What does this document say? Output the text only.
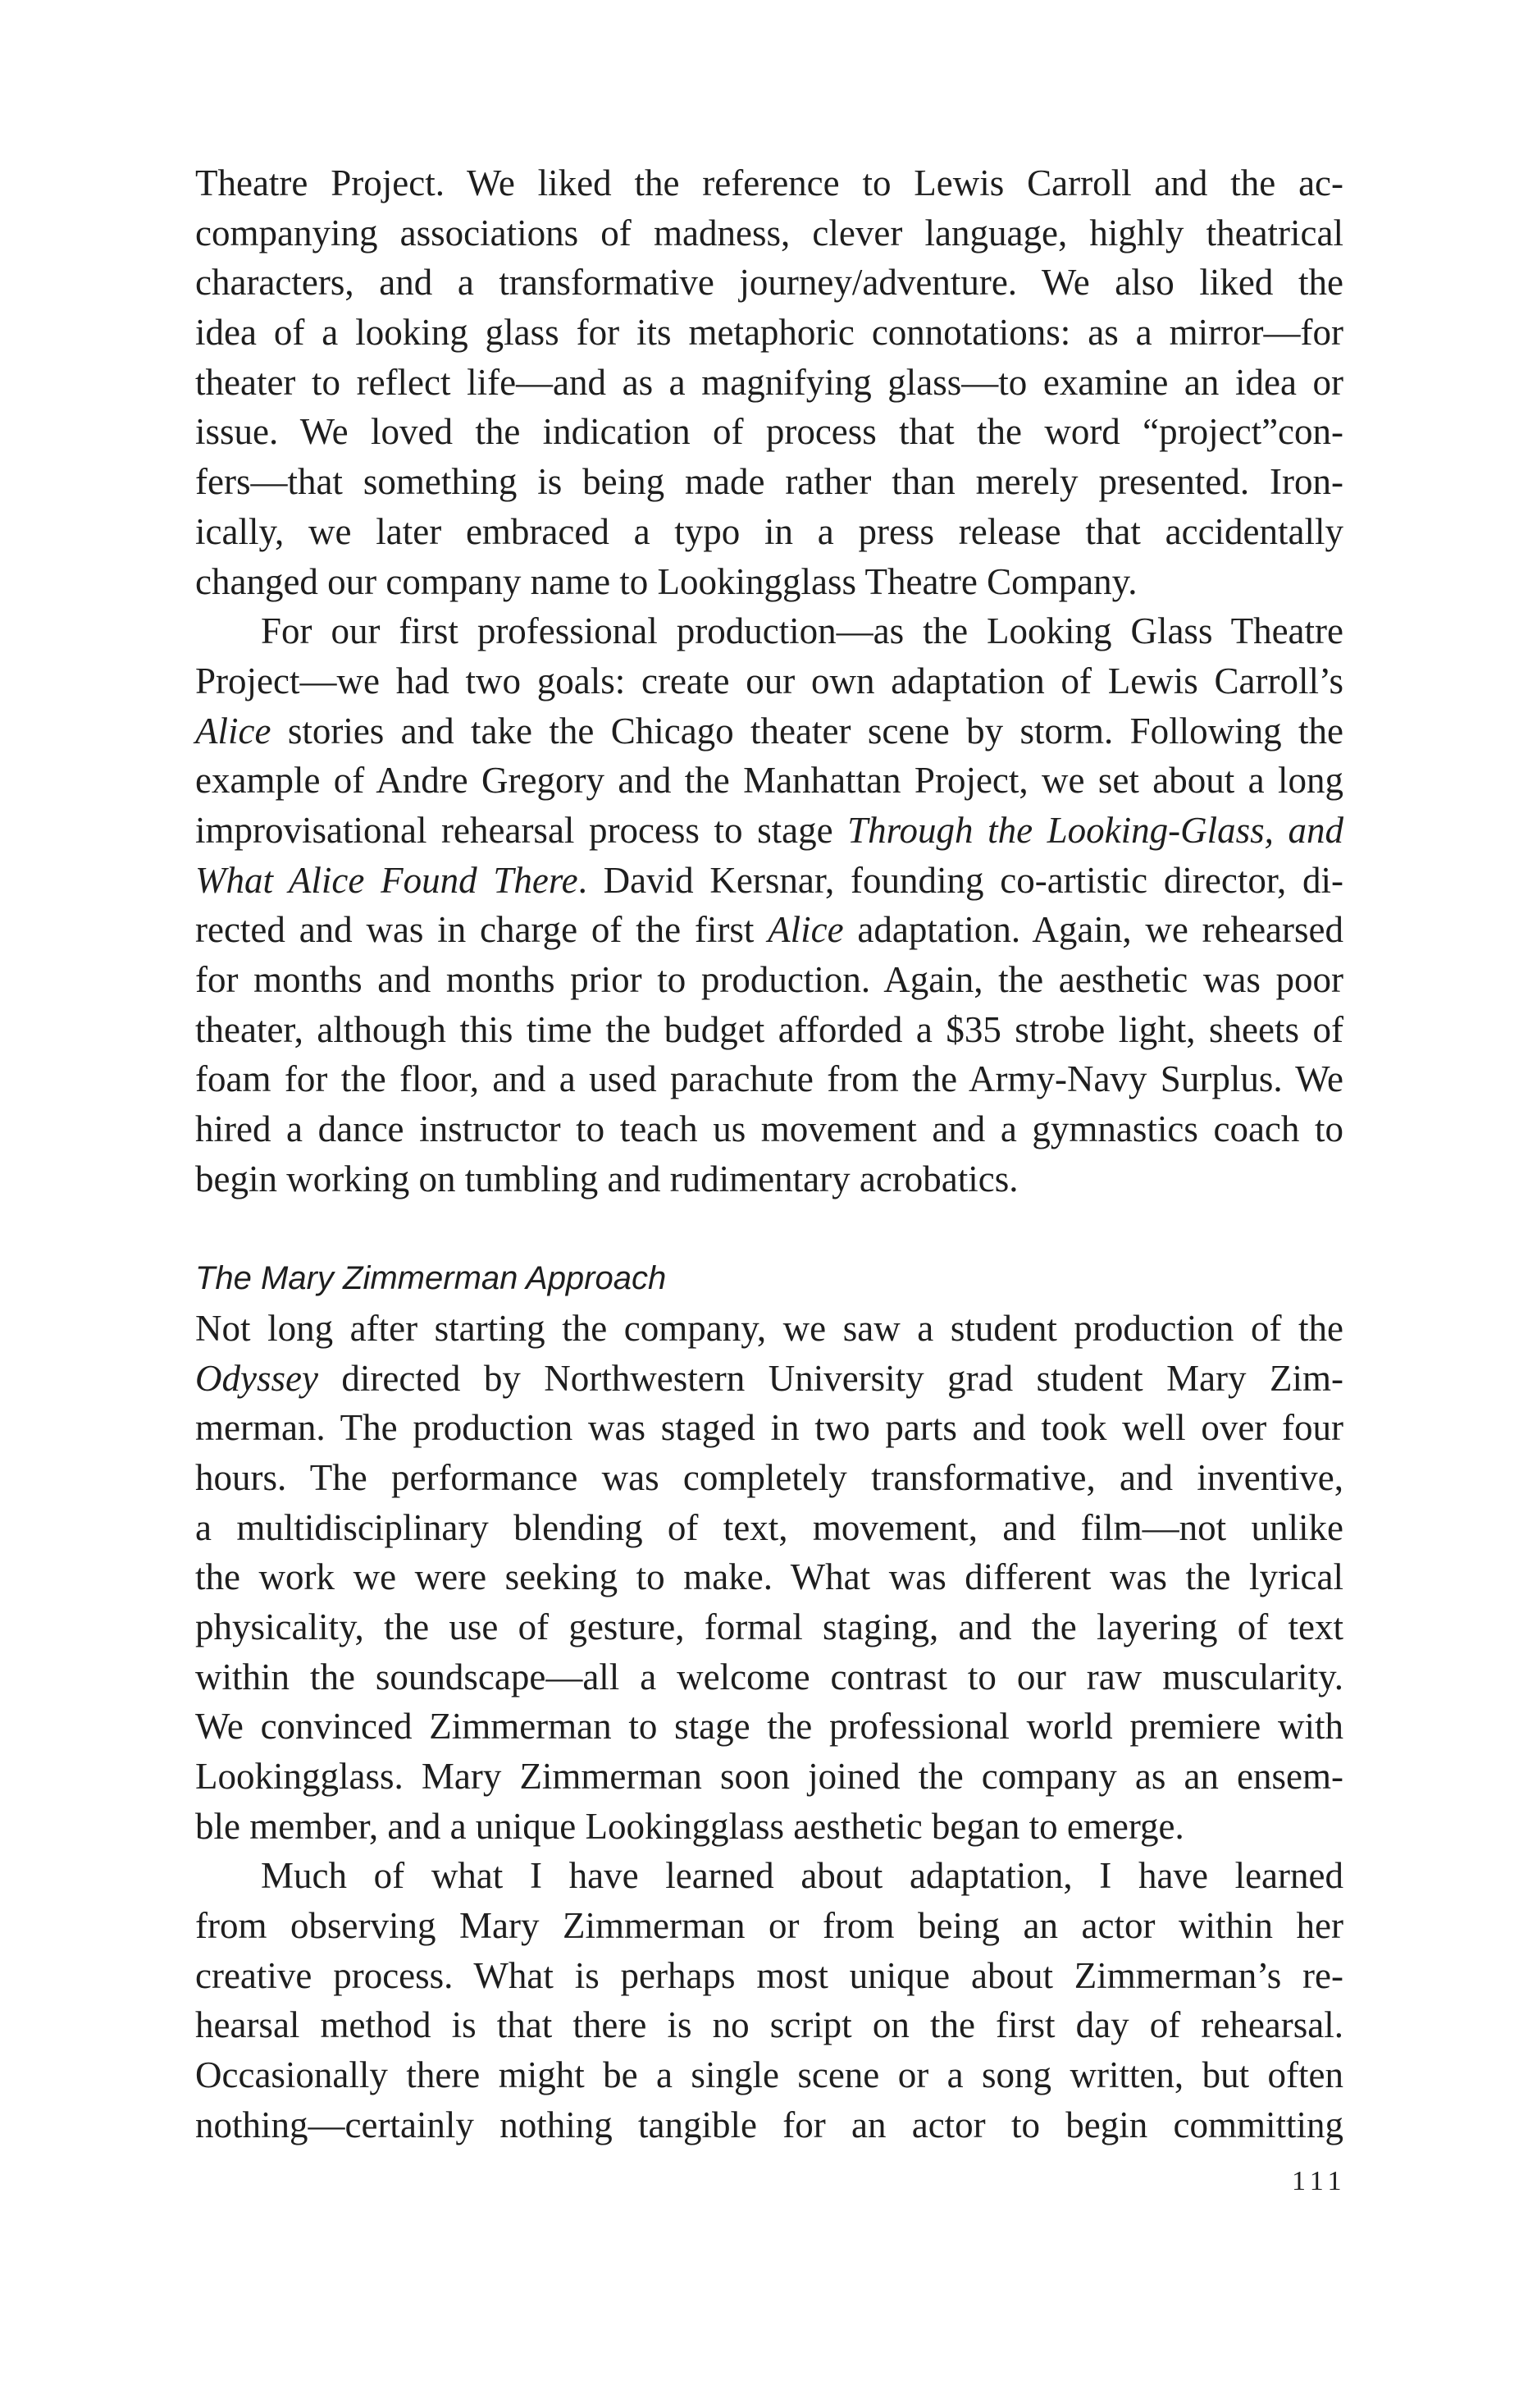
Theatre Project. We liked the reference to Lewis Carroll and the ac-
companying associations of madness, clever language, highly theatrical
characters, and a transformative journey/adventure. We also liked the
idea of a looking glass for its metaphoric connotations: as a mirror—for
theater to reflect life—and as a magnifying glass—to examine an idea or
issue. We loved the indication of process that the word “project”con-
fers—that something is being made rather than merely presented. Iron-
ically, we later embraced a typo in a press release that accidentally
changed our company name to Lookingglass Theatre Company.
For our first professional production—as the Looking Glass Theatre
Project—we had two goals: create our own adaptation of Lewis Carroll’s
Alice stories and take the Chicago theater scene by storm. Following the
example of Andre Gregory and the Manhattan Project, we set about a long
improvisational rehearsal process to stage Through the Looking-Glass, and
What Alice Found There. David Kersnar, founding co-artistic director, di-
rected and was in charge of the first Alice adaptation. Again, we rehearsed
for months and months prior to production. Again, the aesthetic was poor
theater, although this time the budget afforded a $35 strobe light, sheets of
foam for the floor, and a used parachute from the Army-Navy Surplus. We
hired a dance instructor to teach us movement and a gymnastics coach to
begin working on tumbling and rudimentary acrobatics.
The Mary Zimmerman Approach
Not long after starting the company, we saw a student production of the
Odyssey directed by Northwestern University grad student Mary Zim-
merman. The production was staged in two parts and took well over four
hours. The performance was completely transformative, and inventive,
a multidisciplinary blending of text, movement, and film—not unlike
the work we were seeking to make. What was different was the lyrical
physicality, the use of gesture, formal staging, and the layering of text
within the soundscape—all a welcome contrast to our raw muscularity.
We convinced Zimmerman to stage the professional world premiere with
Lookingglass. Mary Zimmerman soon joined the company as an ensem-
ble member, and a unique Lookingglass aesthetic began to emerge.
Much of what I have learned about adaptation, I have learned
from observing Mary Zimmerman or from being an actor within her
creative process. What is perhaps most unique about Zimmerman’s re-
hearsal method is that there is no script on the first day of rehearsal.
Occasionally there might be a single scene or a song written, but often
nothing—certainly nothing tangible for an actor to begin committing
111
